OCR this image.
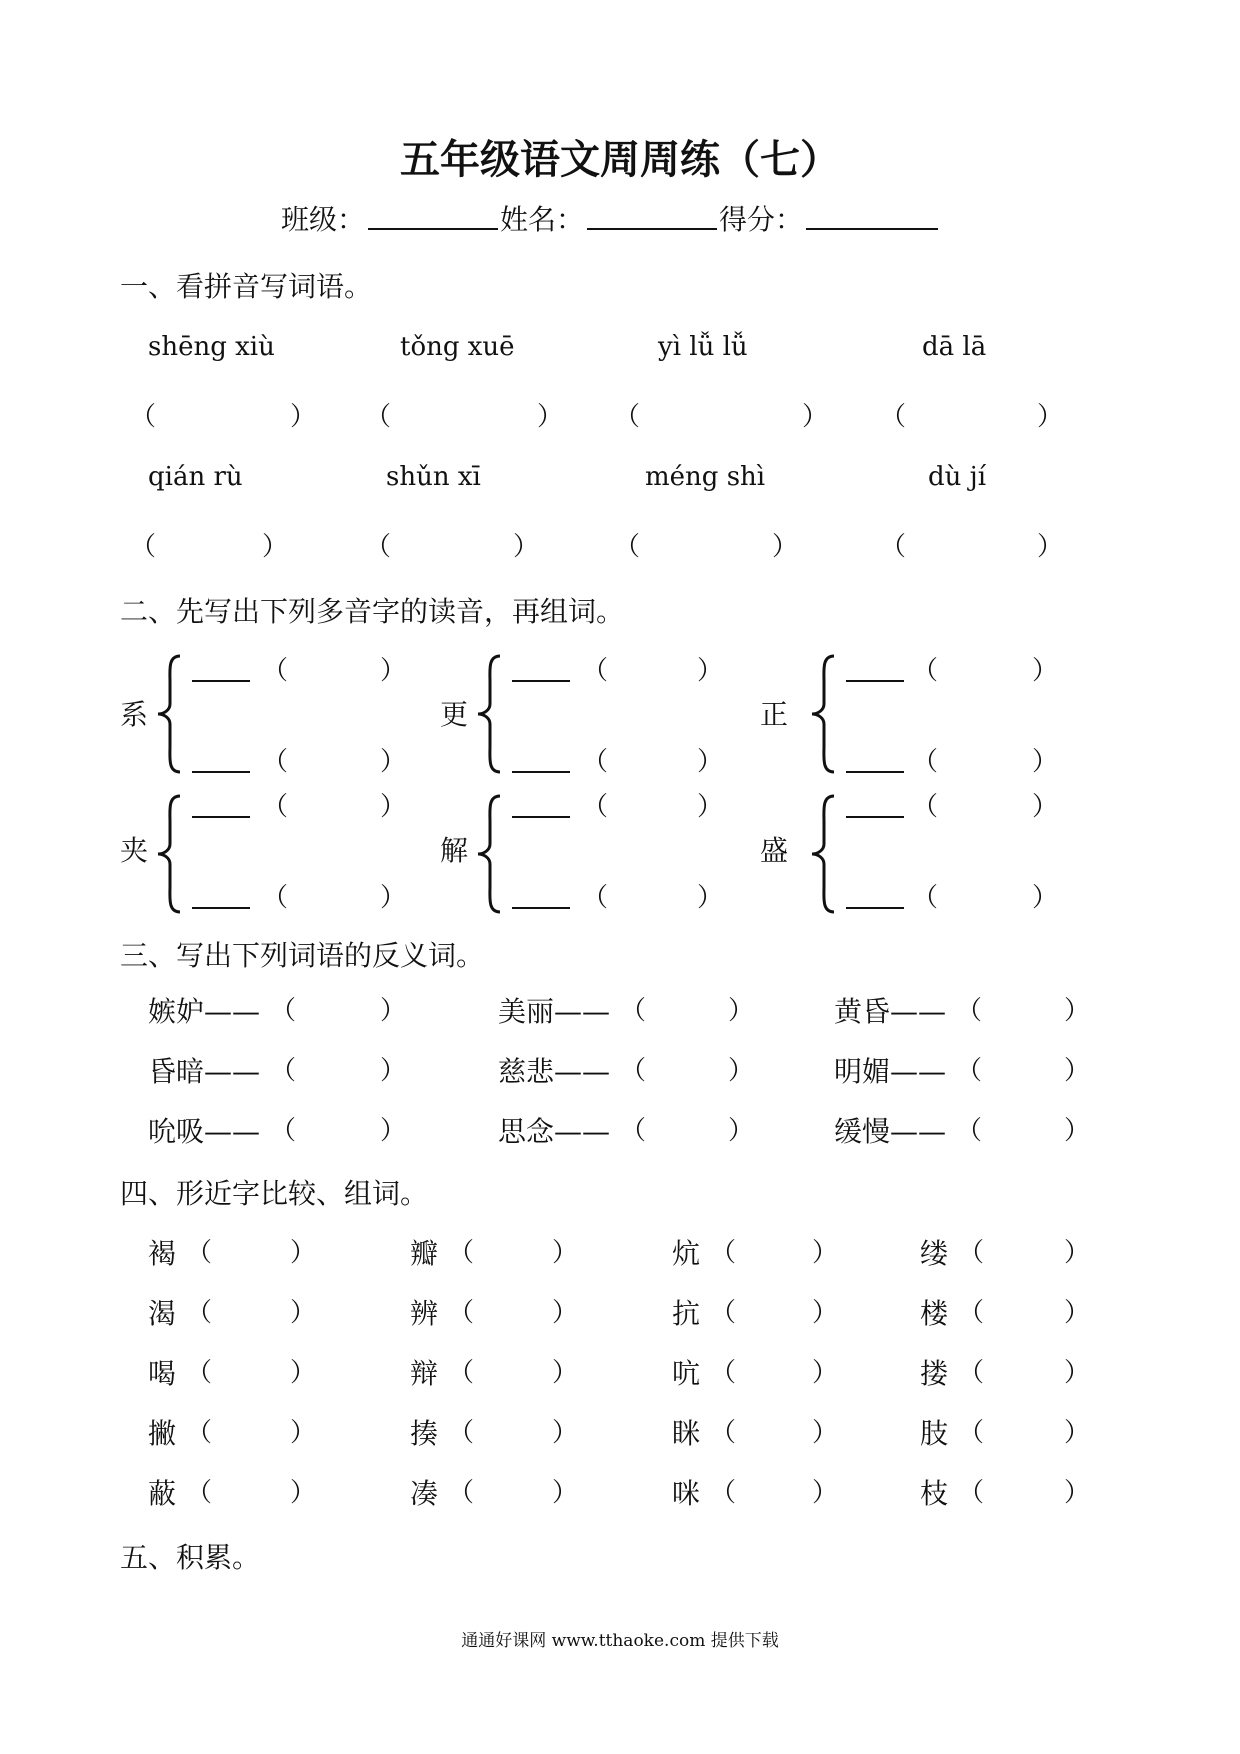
五年级语文周周练（七）
班级：	姓名：	得分：
一、看拼音写词语。
shēng xiù	tǒng xuē	yì lǚ lǚ	dā lā
（	） （	） （	） （	）
qián rù	shǔn xī	méng shì	dù jí
（	）	（	）	（	）	（	）
二、先写出下列多音字的读音，再组词。
系
（	）
（	）
更
（	）
（	）
正
（	）
（	）
夹
（	）
（	）
解
（	）
（	）
盛
（	）
（	）
三、写出下列词语的反义词。
嫉妒—— （	）	美丽—— （	）	黄昏—— （	）
昏暗—— （	）	慈悲—— （	）	明媚—— （	）
吮吸—— （	）	思念—— （	）	缓慢—— （	）
四、形近字比较、组词。
褐 （	）	瓣 （	）	炕 （	）	缕 （	）
渴 （	）	辨 （	）	抗 （	）	楼 （	）
喝 （	）	辩 （	）	吭 （	）	搂 （	）
撇 （	）	揍 （	）	眯 （	）	肢 （	）
蔽 （	）	凑 （	）	咪 （	）	枝 （	）
五、积累。
通通好课网 www.tthaoke.com 提供下载
